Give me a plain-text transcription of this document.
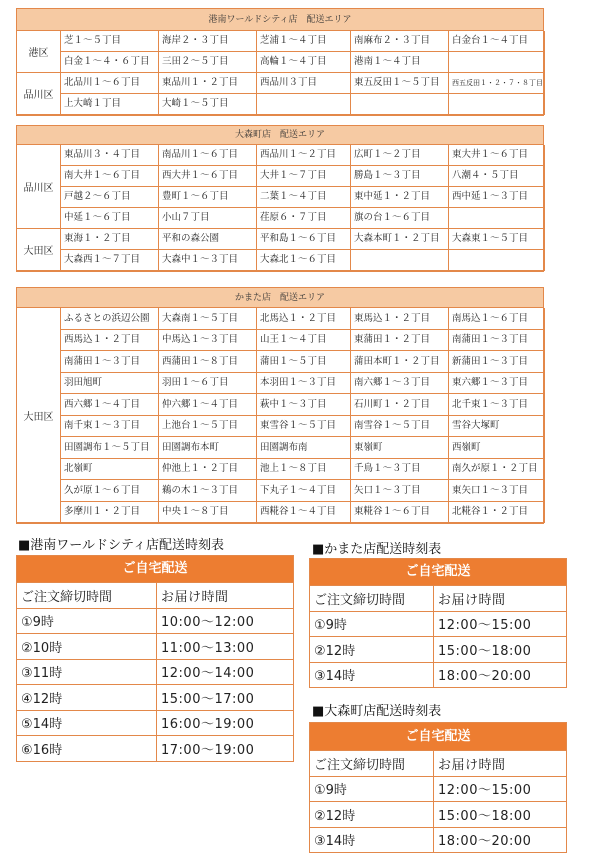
港南ワールドシティ店　配送エリア
港区
芝１～５丁目	海岸２・３丁目	芝浦１～４丁目	南麻布２・３丁目	白金台１～４丁目
白金１～４・６丁目	三田２～５丁目	高輪１～４丁目	港南１～４丁目
品川区
北品川１～６丁目	東品川１・２丁目	西品川３丁目	東五反田１～５丁目	西五反田１・２・７・８丁目
上大崎１丁目	大崎１～５丁目
大森町店　配送エリア
品川区
東品川３・４丁目	南品川１～６丁目	西品川１～２丁目	広町１～２丁目	東大井１～６丁目
南大井１～６丁目	西大井１～６丁目	大井１～７丁目	勝島１～３丁目	八潮４・５丁目
戸越２～６丁目	豊町１～６丁目	二葉１～４丁目	東中延１・２丁目	西中延１～３丁目
中延１～６丁目	小山７丁目	荏原６・７丁目	旗の台１～６丁目
大田区
東海１・２丁目	平和の森公園	平和島１～６丁目	大森本町１・２丁目	大森東１～５丁目
大森西１～７丁目	大森中１～３丁目	大森北１～６丁目
かまた店　配送エリア
大田区
ふるさとの浜辺公園	大森南１～５丁目	北馬込１・２丁目	東馬込１・２丁目	南馬込１～６丁目
西馬込１・２丁目	中馬込１～３丁目	山王１～４丁目	東蒲田１・２丁目	南蒲田１～３丁目
南蒲田１～３丁目	西蒲田１～８丁目	蒲田１～５丁目	蒲田本町１・２丁目	新蒲田１～３丁目
羽田旭町	羽田１～６丁目	本羽田１～３丁目	南六郷１～３丁目	東六郷１～３丁目
西六郷１～４丁目	仲六郷１～４丁目	萩中１～３丁目	石川町１・２丁目	北千束１～３丁目
南千束１～３丁目	上池台１～５丁目	東雪谷１～５丁目	南雪谷１～５丁目	雪谷大塚町
田園調布１～５丁目	田園調布本町	田園調布南	東嶺町	西嶺町
北嶺町	仲池上１・２丁目	池上１～８丁目	千鳥１～３丁目	南久が原１・２丁目
久が原１～６丁目	鵜の木１～３丁目	下丸子１～４丁目	矢口１～３丁目	東矢口１～３丁目
多摩川１・２丁目	中央１～８丁目	西糀谷１～４丁目	東糀谷１～６丁目	北糀谷１・２丁目
■港南ワールドシティ店配送時刻表
ご自宅配送
ご注文締切時間	お届け時間
①9時	10:00～12:00
②10時	11:00～13:00
③11時	12:00～14:00
④12時	15:00～17:00
⑤14時	16:00～19:00
⑥16時	17:00～19:00
■かまた店配送時刻表
ご自宅配送
ご注文締切時間	お届け時間
①9時	12:00～15:00
②12時	15:00～18:00
③14時	18:00～20:00
■大森町店配送時刻表
ご自宅配送
ご注文締切時間	お届け時間
①9時	12:00～15:00
②12時	15:00～18:00
③14時	18:00～20:00
